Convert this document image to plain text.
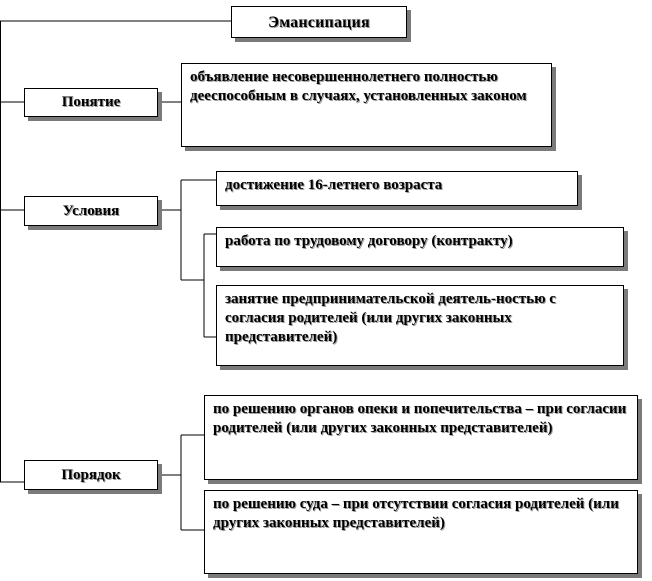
Эмансипация
Понятие
объявление несовершеннолетнего полностью дееспособным в случаях, установленных законом
Условия
достижение 16-летнего возраста
работа по трудовому договору (контракту)
занятие предпринимательской деятель-ностью с согласия родителей (или других законных представителей)
Порядок
по решению органов опеки и попечительства – при согласии родителей (или других законных представителей)
по решению суда – при отсутствии согласия родителей (или других законных представителей)
